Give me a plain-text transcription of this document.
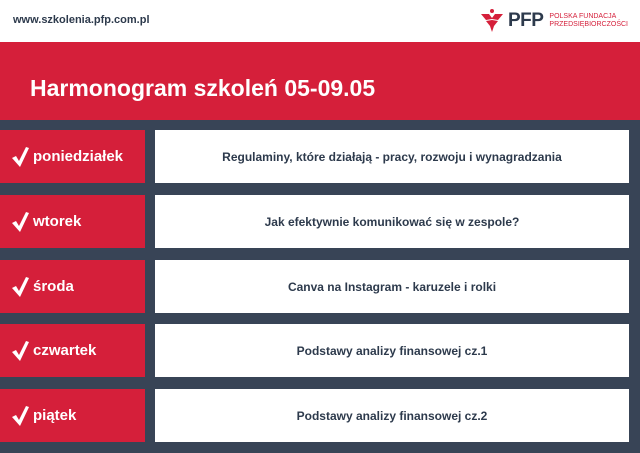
www.szkolenia.pfp.com.pl	PFP POLSKA FUNDACJA
PRZEDSIĘBIORCZOŚCI
Harmonogram szkoleń 05-09.05
poniedziałek	Regulaminy, które działają - pracy, rozwoju i wynagradzania
wtorek	Jak efektywnie komunikować się w zespole?
środa	Canva na Instagram - karuzele i rolki
czwartek	Podstawy analizy finansowej cz.1
piątek	Podstawy analizy finansowej cz.2
